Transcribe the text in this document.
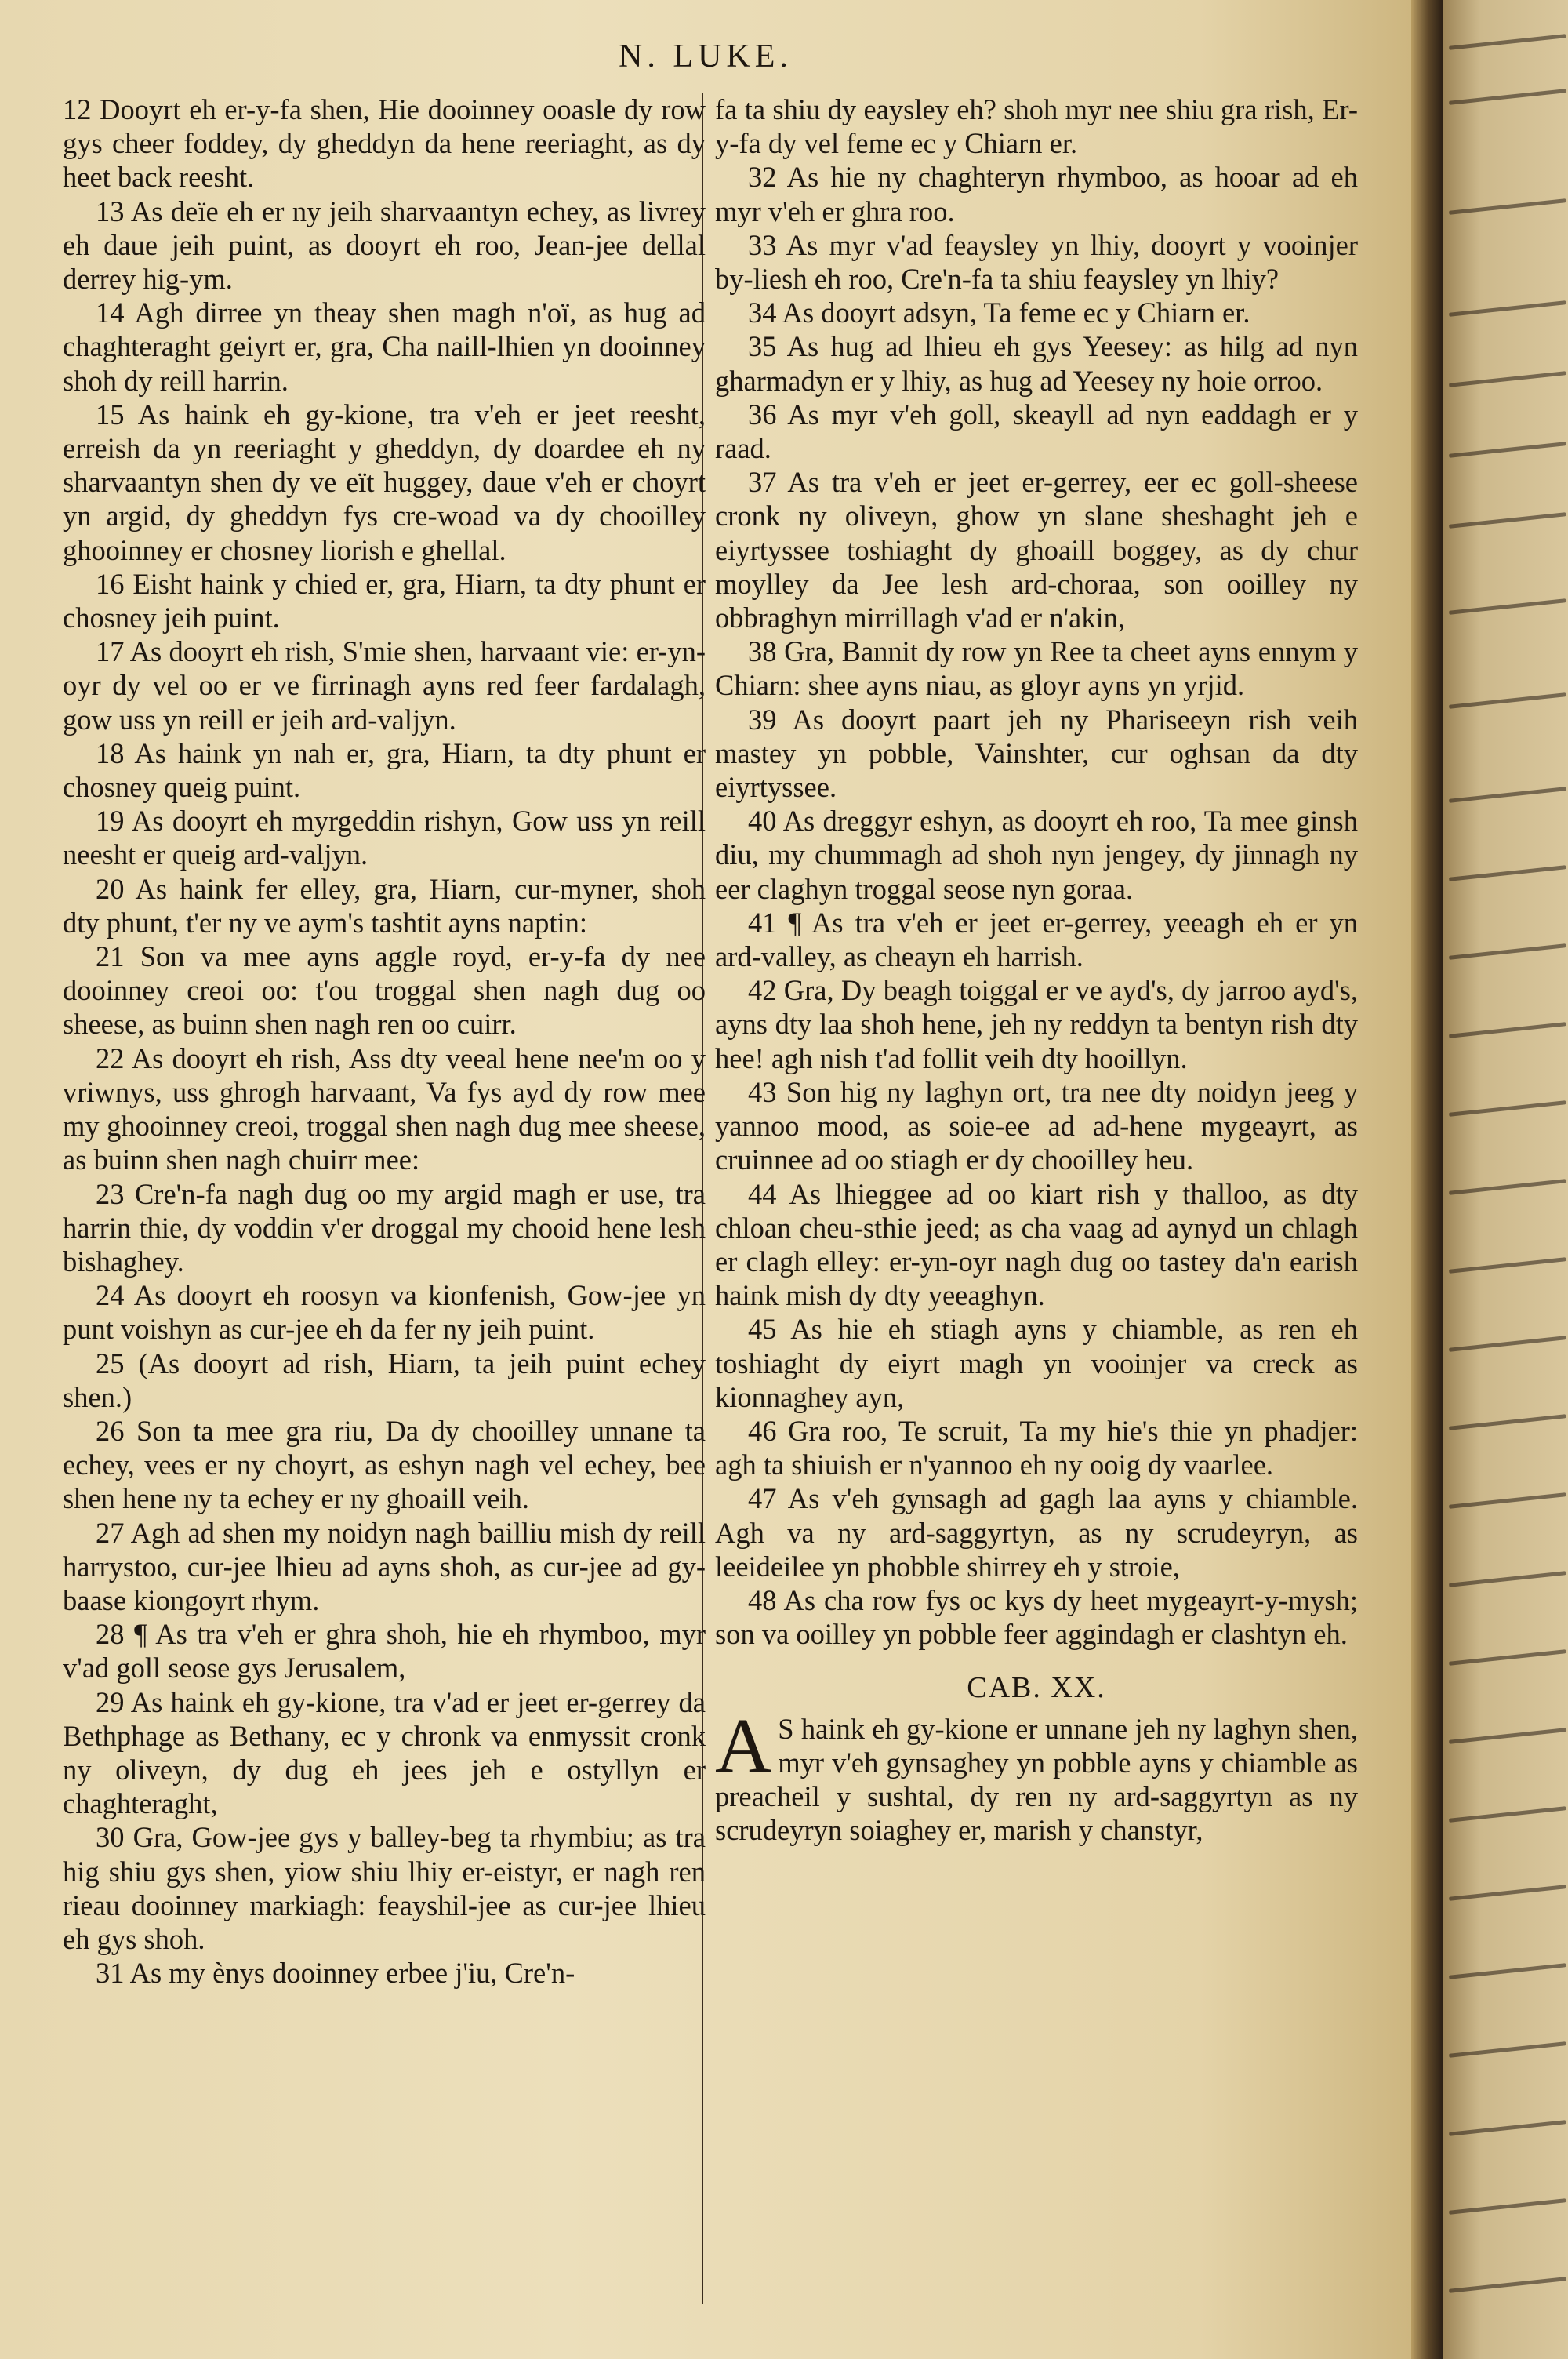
N. LUKE.

12 Dooyrt eh er-y-fa shen, Hie dooinney ooasle dy row gys cheer foddey, dy gheddyn da hene reeriaght, as dy heet back reesht.

13 As deïe eh er ny jeih sharvaantyn echey, as livrey eh daue jeih puint, as dooyrt eh roo, Jean-jee dellal derrey hig-ym.

14 Agh dirree yn theay shen magh n'oï, as hug ad chaghteraght geiyrt er, gra, Cha naill-lhien yn dooinney shoh dy reill harrin.

15 As haink eh gy-kione, tra v'eh er jeet reesht, erreish da yn reeriaght y gheddyn, dy doardee eh ny sharvaantyn shen dy ve eït huggey, daue v'eh er choyrt yn argid, dy gheddyn fys cre-woad va dy chooilley ghooinney er chosney liorish e ghellal.

16 Eisht haink y chied er, gra, Hiarn, ta dty phunt er chosney jeih puint.

17 As dooyrt eh rish, S'mie shen, harvaant vie: er-yn-oyr dy vel oo er ve firrinagh ayns red feer fardalagh, gow uss yn reill er jeih ard-valjyn.

18 As haink yn nah er, gra, Hiarn, ta dty phunt er chosney queig puint.

19 As dooyrt eh myrgeddin rishyn, Gow uss yn reill neesht er queig ard-valjyn.

20 As haink fer elley, gra, Hiarn, cur-myner, shoh dty phunt, t'er ny ve aym's tashtit ayns naptin:

21 Son va mee ayns aggle royd, er-y-fa dy nee dooinney creoi oo: t'ou troggal shen nagh dug oo sheese, as buinn shen nagh ren oo cuirr.

22 As dooyrt eh rish, Ass dty veeal hene nee'm oo y vriwnys, uss ghrogh harvaant, Va fys ayd dy row mee my ghooinney creoi, troggal shen nagh dug mee sheese, as buinn shen nagh chuirr mee:

23 Cre'n-fa nagh dug oo my argid magh er use, tra harrin thie, dy voddin v'er droggal my chooid hene lesh bishaghey.

24 As dooyrt eh roosyn va kionfenish, Gow-jee yn punt voishyn as cur-jee eh da fer ny jeih puint.

25 (As dooyrt ad rish, Hiarn, ta jeih puint echey shen.)

26 Son ta mee gra riu, Da dy chooilley unnane ta echey, vees er ny choyrt, as eshyn nagh vel echey, bee shen hene ny ta echey er ny ghoaill veih.

27 Agh ad shen my noidyn nagh bailliu mish dy reill harrystoo, cur-jee lhieu ad ayns shoh, as cur-jee ad gy-baase kiongoyrt rhym.

28 ¶ As tra v'eh er ghra shoh, hie eh rhymboo, myr v'ad goll seose gys Jerusalem,

29 As haink eh gy-kione, tra v'ad er jeet er-gerrey da Bethphage as Bethany, ec y chronk va enmyssit cronk ny oliveyn, dy dug eh jees jeh e ostyllyn er chaghteraght,

30 Gra, Gow-jee gys y balley-beg ta rhymbiu; as tra hig shiu gys shen, yiow shiu lhiy er-eistyr, er nagh ren rieau dooinney markiagh: feayshil-jee as cur-jee lhieu eh gys shoh.

31 As my ènys dooinney erbee j'iu, Cre'n-

fa ta shiu dy eaysley eh? shoh myr nee shiu gra rish, Er-y-fa dy vel feme ec y Chiarn er.

32 As hie ny chaghteryn rhymboo, as hooar ad eh myr v'eh er ghra roo.

33 As myr v'ad feaysley yn lhiy, dooyrt y vooinjer by-liesh eh roo, Cre'n-fa ta shiu feaysley yn lhiy?

34 As dooyrt adsyn, Ta feme ec y Chiarn er.

35 As hug ad lhieu eh gys Yeesey: as hilg ad nyn gharmadyn er y lhiy, as hug ad Yeesey ny hoie orroo.

36 As myr v'eh goll, skeayll ad nyn eaddagh er y raad.

37 As tra v'eh er jeet er-gerrey, eer ec goll-sheese cronk ny oliveyn, ghow yn slane sheshaght jeh e eiyrtyssee toshiaght dy ghoaill boggey, as dy chur moylley da Jee lesh ard-choraa, son ooilley ny obbraghyn mirrillagh v'ad er n'akin,

38 Gra, Bannit dy row yn Ree ta cheet ayns ennym y Chiarn: shee ayns niau, as gloyr ayns yn yrjid.

39 As dooyrt paart jeh ny Phariseeyn rish veih mastey yn pobble, Vainshter, cur oghsan da dty eiyrtyssee.

40 As dreggyr eshyn, as dooyrt eh roo, Ta mee ginsh diu, my chummagh ad shoh nyn jengey, dy jinnagh ny eer claghyn troggal seose nyn goraa.

41 ¶ As tra v'eh er jeet er-gerrey, yeeagh eh er yn ard-valley, as cheayn eh harrish.

42 Gra, Dy beagh toiggal er ve ayd's, dy jarroo ayd's, ayns dty laa shoh hene, jeh ny reddyn ta bentyn rish dty hee! agh nish t'ad follit veih dty hooillyn.

43 Son hig ny laghyn ort, tra nee dty noidyn jeeg y yannoo mood, as soie-ee ad ad-hene mygeayrt, as cruinnee ad oo stiagh er dy chooilley heu.

44 As lhieggee ad oo kiart rish y thalloo, as dty chloan cheu-sthie jeed; as cha vaag ad aynyd un chlagh er clagh elley: er-yn-oyr nagh dug oo tastey da'n earish haink mish dy dty yeeaghyn.

45 As hie eh stiagh ayns y chiamble, as ren eh toshiaght dy eiyrt magh yn vooinjer va creck as kionnaghey ayn,

46 Gra roo, Te scruit, Ta my hie's thie yn phadjer: agh ta shiuish er n'yannoo eh ny ooig dy vaarlee.

47 As v'eh gynsagh ad gagh laa ayns y chiamble. Agh va ny ard-saggyrtyn, as ny scrudeyryn, as leeideilee yn phobble shirrey eh y stroie,

48 As cha row fys oc kys dy heet mygeayrt-y-mysh; son va ooilley yn pobble feer aggindagh er clashtyn eh.

CAB. XX.

A S haink eh gy-kione er unnane jeh ny laghyn shen, myr v'eh gynsaghey yn pobble ayns y chiamble as preacheil y sushtal, dy ren ny ard-saggyrtyn as ny scrudeyryn soiaghey er, marish y chanstyr,
